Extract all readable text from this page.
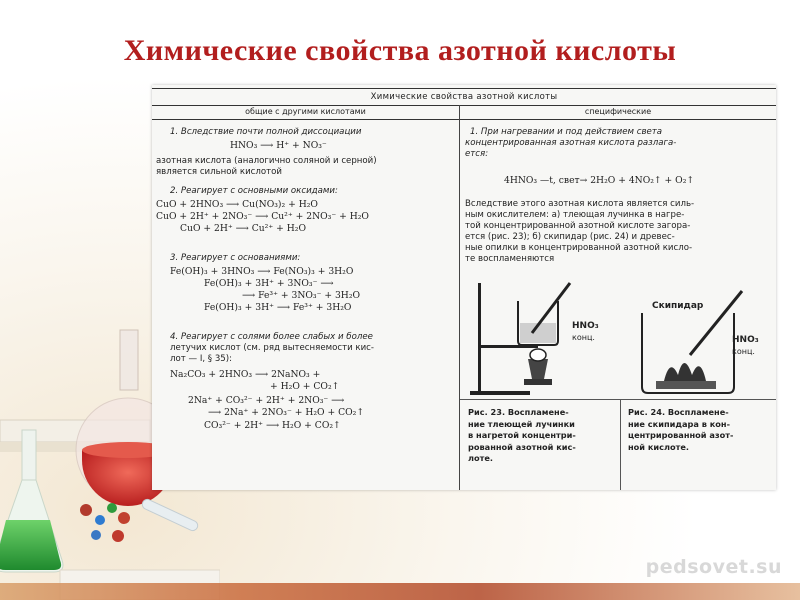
Химические свойства азотной кислоты
pedsovet.su
Химические свойства азотной кислоты
общие с другими кислотами	специфические
1. Вследствие почти полной диссоциации
HNO₃ ⟶ H⁺ + NO₃⁻
азотная кислота (аналогично соляной и серной)
является сильной кислотой
2. Реагирует с основными оксидами:
CuO + 2HNO₃ ⟶ Cu(NO₃)₂ + H₂O
CuO + 2H⁺ + 2NO₃⁻ ⟶ Cu²⁺ + 2NO₃⁻ + H₂O
CuO + 2H⁺ ⟶ Cu²⁺ + H₂O
3. Реагирует с основаниями:
Fe(OH)₃ + 3HNO₃ ⟶ Fe(NO₃)₃ + 3H₂O
Fe(OH)₃ + 3H⁺ + 3NO₃⁻ ⟶
⟶ Fe³⁺ + 3NO₃⁻ + 3H₂O
Fe(OH)₃ + 3H⁺ ⟶ Fe³⁺ + 3H₂O
4. Реагирует с солями более слабых и более
летучих кислот (см. ряд вытесняемости кис-
лот — I, § 35):
Na₂CO₃ + 2HNO₃ ⟶ 2NaNO₃ +
+ H₂O + CO₂↑
2Na⁺ + CO₃²⁻ + 2H⁺ + 2NO₃⁻ ⟶
⟶ 2Na⁺ + 2NO₃⁻ + H₂O + CO₂↑
CO₃²⁻ + 2H⁺ ⟶ H₂O + CO₂↑
1. При нагревании и под действием света
концентрированная азотная кислота разлага-
ется:
4HNO₃ —t, свет→ 2H₂O + 4NO₂↑ + O₂↑
Вследствие этого азотная кислота является силь-
ным окислителем: а) тлеющая лучинка в нагре-
той концентрированной азотной кислоте загора-
ется (рис. 23); б) скипидар (рис. 24) и древес-
ные опилки в концентрированной азотной кисло-
те воспламеняются
HNO₃
конц.
Скипидар
HNO₃
конц.
Рис. 23. Воспламене-
ние тлеющей лучинки
в нагретой концентри-
рованной азотной кис-
лоте.
Рис. 24. Воспламене-
ние скипидара в кон-
центрированной азот-
ной кислоте.
